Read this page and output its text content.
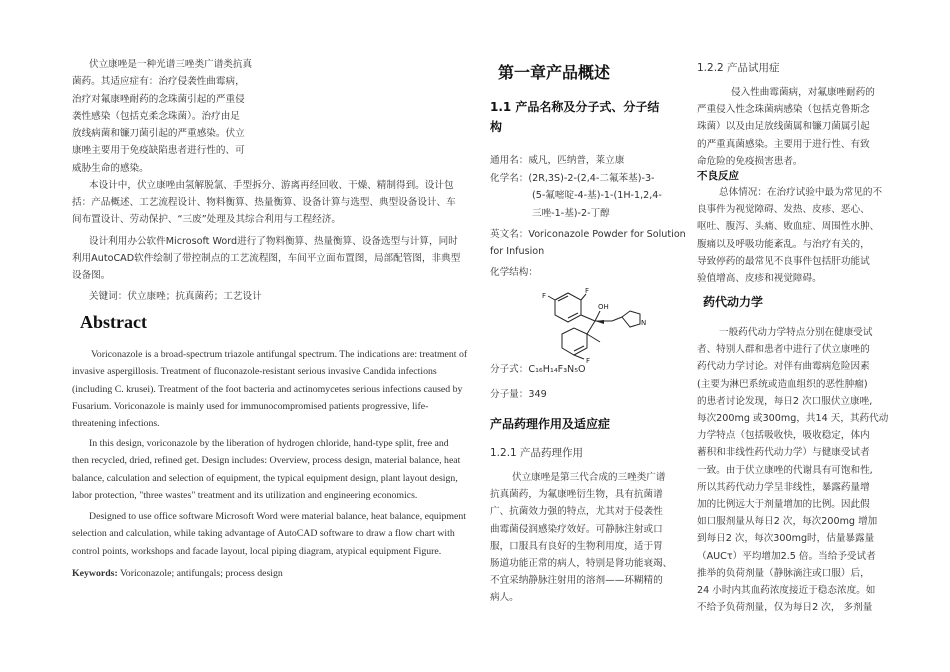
伏立康唑是一种光谱三唑类广谱类抗真
菌药。其适应症有：治疗侵袭性曲霉病，
治疗对氟康唑耐药的念珠菌引起的严重侵
袭性感染（包括克柔念珠菌）。治疗由足
放线病菌和镰刀菌引起的严重感染。伏立
康唑主要用于免疫缺陷患者进行性的、可
威胁生命的感染。
本设计中，伏立康唑由氢解脱氯、手型拆分、游离再经回收、干燥、精制得到。设计包
括：产品概述、工艺流程设计、物料衡算、热量衡算、设备计算与选型、典型设备设计、车
间布置设计、劳动保护、“三废”处理及其综合利用与工程经济。
设计利用办公软件Microsoft Word进行了物料衡算、热量衡算、设备选型与计算，同时
利用AutoCAD软件绘制了带控制点的工艺流程图，车间平立面布置图，局部配管图，非典型
设备图。
关键词：伏立康唑；抗真菌药；工艺设计
Abstract
Voriconazole is a broad-spectrum triazole antifungal spectrum. The indications are: treatment of
invasive aspergillosis. Treatment of fluconazole-resistant serious invasive Candida infections
(including C. krusei). Treatment of the foot bacteria and actinomycetes serious infections caused by
Fusarium. Voriconazole is mainly used for immunocompromised patients progressive, life-
threatening infections.
In this design, voriconazole by the liberation of hydrogen chloride, hand-type split, free and
then recycled, dried, refined get. Design includes: Overview, process design, material balance, heat
balance, calculation and selection of equipment, the typical equipment design, plant layout design,
labor protection, "three wastes" treatment and its utilization and engineering economics.
Designed to use office software Microsoft Word were material balance, heat balance, equipment
selection and calculation, while taking advantage of AutoCAD software to draw a flow chart with
control points, workshops and facade layout, local piping diagram, atypical equipment Figure.
Keywords: Voriconazole; antifungals; process design
第一章产品概述
1.1 产品名称及分子式、分子结
构
通用名：威凡，匹纳普，莱立康
化学名：(2R,3S)-2-(2,4-二氟苯基)-3-
(5-氟嘧啶-4-基)-1-(1H-1,2,4-
三唑-1-基)-2-丁醇
英文名：Voriconazole Powder for Solution
for Infusion
化学结构：
F
F
OH
F
N
分子式：C₁₆H₁₄F₃N₅O
分子量：349
产品药理作用及适应症
1.2.1 产品药理作用
伏立康唑是第三代合成的三唑类广谱
抗真菌药，为氟康唑衍生物，具有抗菌谱
广、抗菌效力强的特点，尤其对于侵袭性
曲霉菌侵润感染疗效好。可静脉注射或口
服，口服具有良好的生物利用度，适于胃
肠道功能正常的病人，特别是肾功能衰竭、
不宜采纳静脉注射用的溶剂——环糊精的
病人。
1.2.2 产品试用症
侵入性曲霉菌病，对氟康唑耐药的
严重侵入性念珠菌病感染（包括克鲁斯念
珠菌）以及由足放线菌属和镰刀菌属引起
的严重真菌感染。主要用于进行性、有致
命危险的免疫损害患者。
不良反应
总体情况：在治疗试验中最为常见的不
良事件为视觉障碍、发热、皮疹、恶心、
呕吐、腹泻、头痛、败血症、周围性水肿、
腹痛以及呼吸功能紊乱。与治疗有关的，
导致停药的最常见不良事件包括肝功能试
验值增高、皮疹和视觉障碍。
药代动力学
一般药代动力学特点分别在健康受试
者、特别人群和患者中进行了伏立康唑的
药代动力学讨论。对伴有曲霉病危险因素
(主要为淋巴系统或造血组织的恶性肿瘤)
的患者讨论发现，每日2 次口服伏立康唑,
每次200mg 或300mg，共14 天，其药代动
力学特点（包括吸收快，吸收稳定，体内
蓄积和非线性药代动力学）与健康受试者
一致。由于伏立康唑的代谢具有可饱和性,
所以其药代动力学呈非线性，暴露药量增
加的比例远大于剂量增加的比例。因此假
如口服剂量从每日2 次，每次200mg 增加
到每日2 次，每次300mg时，估量暴露量
（AUCτ）平均增加2.5 倍。当给予受试者
推举的负荷剂量（静脉滴注或口服）后，
24 小时内其血药浓度接近于稳态浓度。如
不给予负荷剂量，仅为每日2 次， 多剂量
